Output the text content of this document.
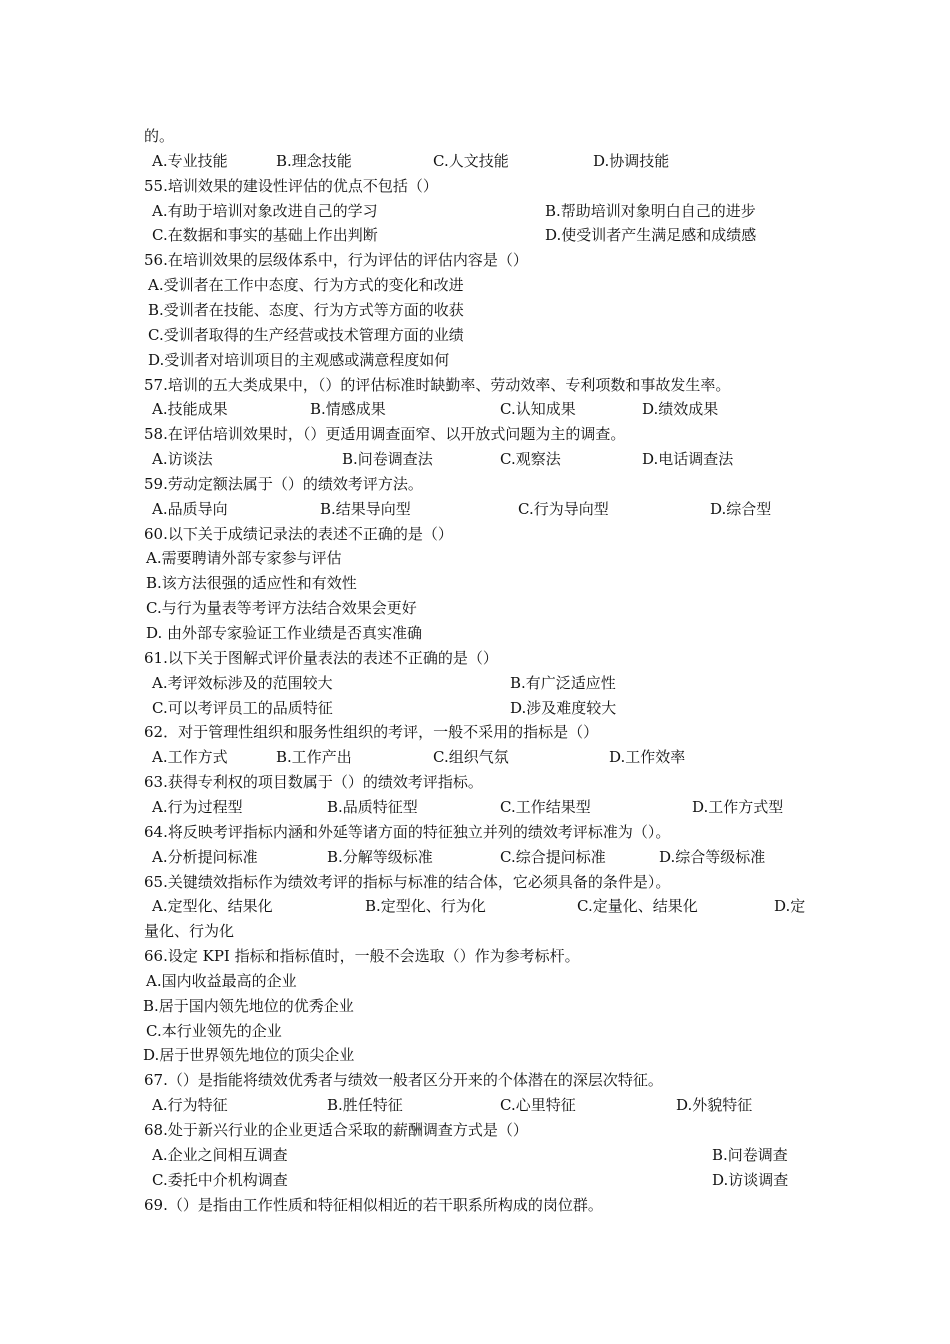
的。
A.专业技能	B.理念技能	C.人文技能	D.协调技能
55.培训效果的建设性评估的优点不包括（）
A.有助于培训对象改进自己的学习	B.帮助培训对象明白自己的进步
C.在数据和事实的基础上作出判断	D.使受训者产生满足感和成绩感
56.在培训效果的层级体系中，行为评估的评估内容是（）
A.受训者在工作中态度、行为方式的变化和改进
B.受训者在技能、态度、行为方式等方面的收获
C.受训者取得的生产经营或技术管理方面的业绩
D.受训者对培训项目的主观感或满意程度如何
57.培训的五大类成果中，（）的评估标准时缺勤率、劳动效率、专利项数和事故发生率。
A.技能成果	B.情感成果	C.认知成果	D.绩效成果
58.在评估培训效果时，（）更适用调查面窄、以开放式问题为主的调查。
A.访谈法	B.问卷调查法	C.观察法	D.电话调查法
59.劳动定额法属于（）的绩效考评方法。
A.品质导向	B.结果导向型	C.行为导向型	D.综合型
60.以下关于成绩记录法的表述不正确的是（）
A.需要聘请外部专家参与评估
B.该方法很强的适应性和有效性
C.与行为量表等考评方法结合效果会更好
D. 由外部专家验证工作业绩是否真实准确
61.以下关于图解式评价量表法的表述不正确的是（）
A.考评效标涉及的范围较大	B.有广泛适应性
C.可以考评员工的品质特征	D.涉及难度较大
62．对于管理性组织和服务性组织的考评，一般不采用的指标是（）
A.工作方式	B.工作产出	C.组织气氛	D.工作效率
63.获得专利权的项目数属于（）的绩效考评指标。
A.行为过程型	B.品质特征型	C.工作结果型	D.工作方式型
64.将反映考评指标内涵和外延等诸方面的特征独立并列的绩效考评标准为（）。
A.分析提问标准	B.分解等级标准	C.综合提问标准	D.综合等级标准
65.关键绩效指标作为绩效考评的指标与标准的结合体，它必须具备的条件是）。
A.定型化、结果化	B.定型化、行为化	C.定量化、结果化	D.定
量化、行为化
66.设定 KPI 指标和指标值时，一般不会选取（）作为参考标杆。
A.国内收益最高的企业
B.居于国内领先地位的优秀企业
C.本行业领先的企业
D.居于世界领先地位的顶尖企业
67.（）是指能将绩效优秀者与绩效一般者区分开来的个体潜在的深层次特征。
A.行为特征	B.胜任特征	C.心里特征	D.外貌特征
68.处于新兴行业的企业更适合采取的薪酬调查方式是（）
A.企业之间相互调查	B.问卷调查
C.委托中介机构调查	D.访谈调查
69.（）是指由工作性质和特征相似相近的若干职系所构成的岗位群。
